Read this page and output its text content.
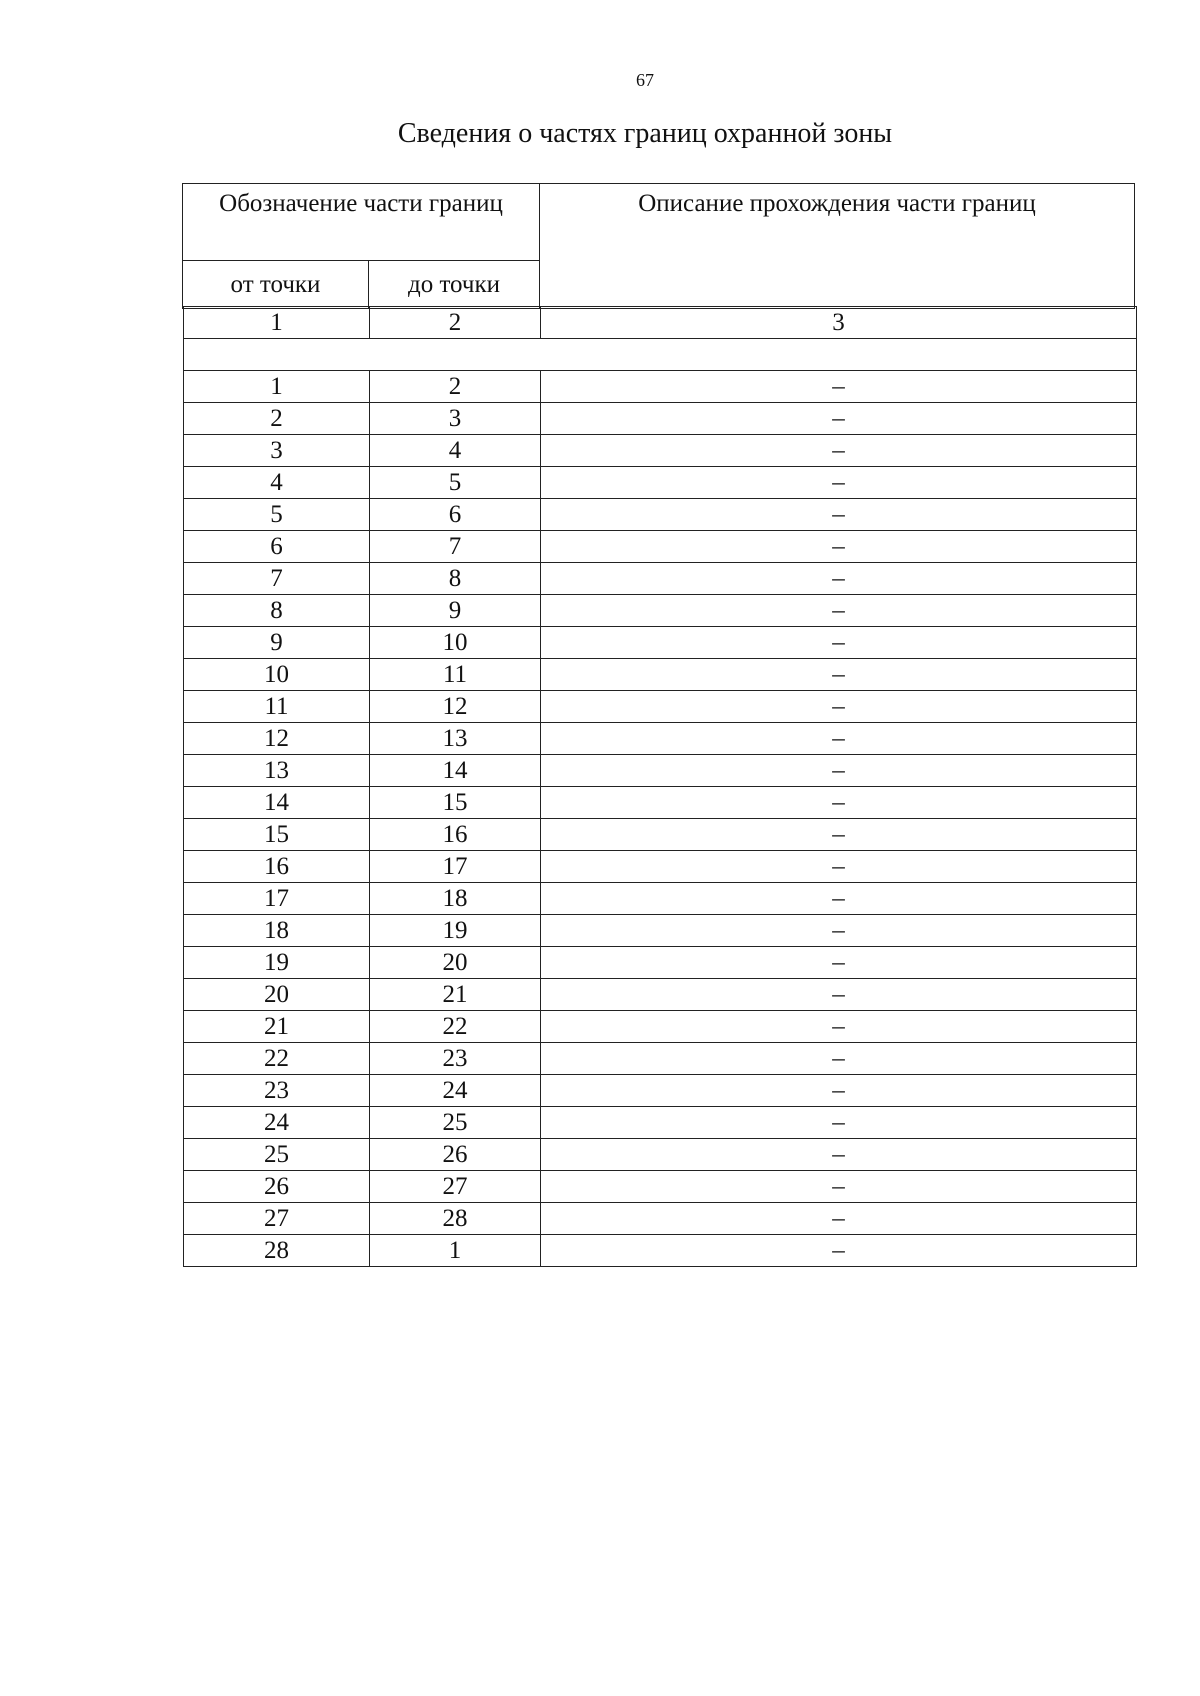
67
Сведения о частях границ охранной зоны
Обозначение части границ		Описание прохождения части границ
от точки	до точки	
1	2	3

1	2	–
2	3	–
3	4	–
4	5	–
5	6	–
6	7	–
7	8	–
8	9	–
9	10	–
10	11	–
11	12	–
12	13	–
13	14	–
14	15	–
15	16	–
16	17	–
17	18	–
18	19	–
19	20	–
20	21	–
21	22	–
22	23	–
23	24	–
24	25	–
25	26	–
26	27	–
27	28	–
28	1	–
